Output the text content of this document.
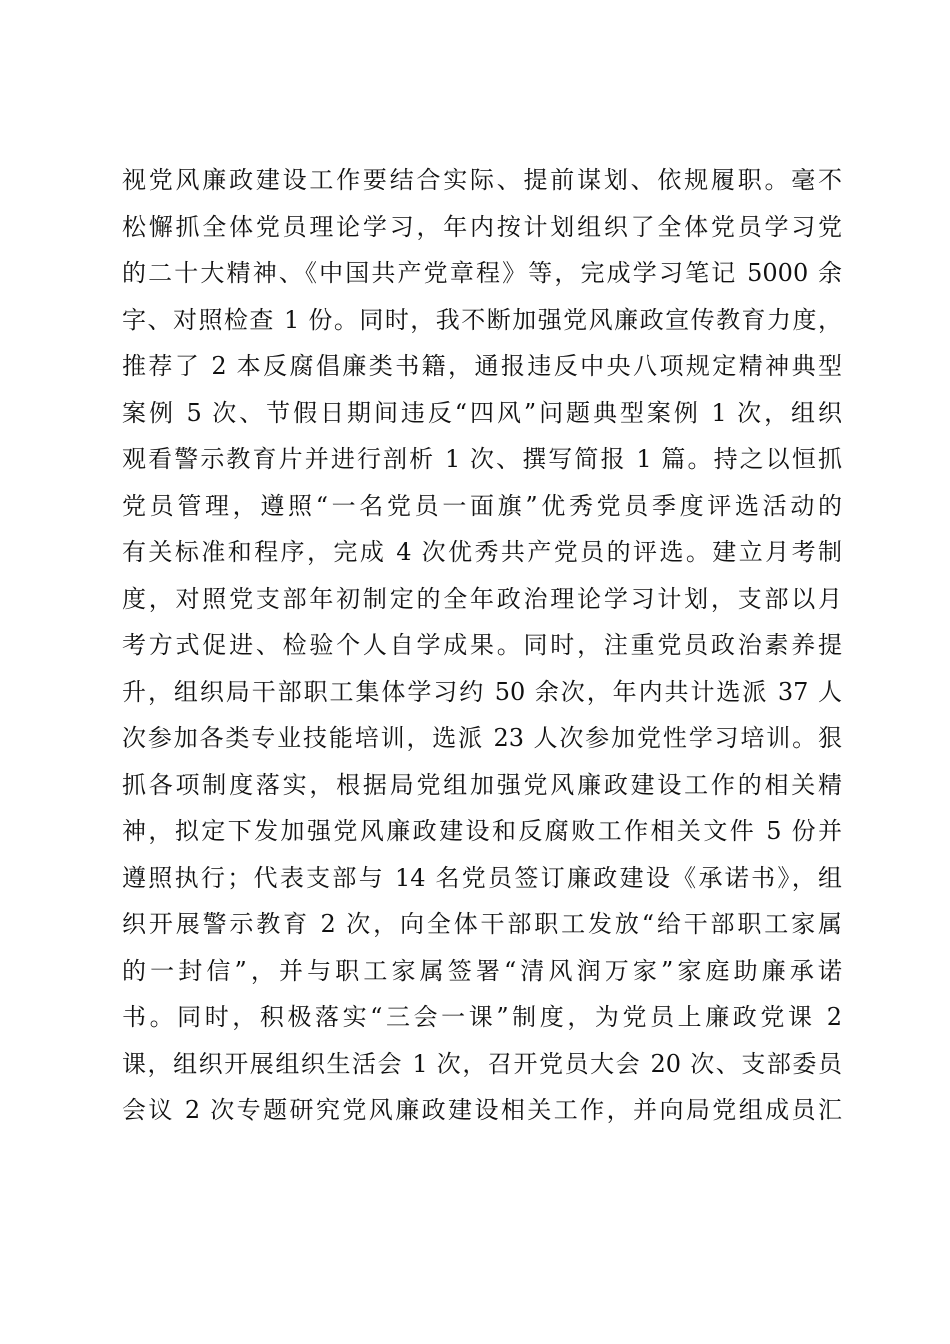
视党风廉政建设工作要结合实际、提前谋划、依规履职。毫不
松懈抓全体党员理论学习，年内按计划组织了全体党员学习党
的二十大精神、《中国共产党章程》等，完成学习笔记 5000 余
字、对照检查 1 份。同时，我不断加强党风廉政宣传教育力度，
推荐了 2 本反腐倡廉类书籍，通报违反中央八项规定精神典型
案例 5 次、节假日期间违反“四风”问题典型案例 1 次，组织
观看警示教育片并进行剖析 1 次、撰写简报 1 篇。持之以恒抓
党员管理，遵照“一名党员一面旗”优秀党员季度评选活动的
有关标准和程序，完成 4 次优秀共产党员的评选。建立月考制
度，对照党支部年初制定的全年政治理论学习计划，支部以月
考方式促进、检验个人自学成果。同时，注重党员政治素养提
升，组织局干部职工集体学习约 50 余次，年内共计选派 37 人
次参加各类专业技能培训，选派 23 人次参加党性学习培训。狠
抓各项制度落实，根据局党组加强党风廉政建设工作的相关精
神，拟定下发加强党风廉政建设和反腐败工作相关文件 5 份并
遵照执行；代表支部与 14 名党员签订廉政建设《承诺书》，组
织开展警示教育 2 次，向全体干部职工发放“给干部职工家属
的一封信”，并与职工家属签署“清风润万家”家庭助廉承诺
书。同时，积极落实“三会一课”制度，为党员上廉政党课 2
课，组织开展组织生活会 1 次，召开党员大会 20 次、支部委员
会议 2 次专题研究党风廉政建设相关工作，并向局党组成员汇
